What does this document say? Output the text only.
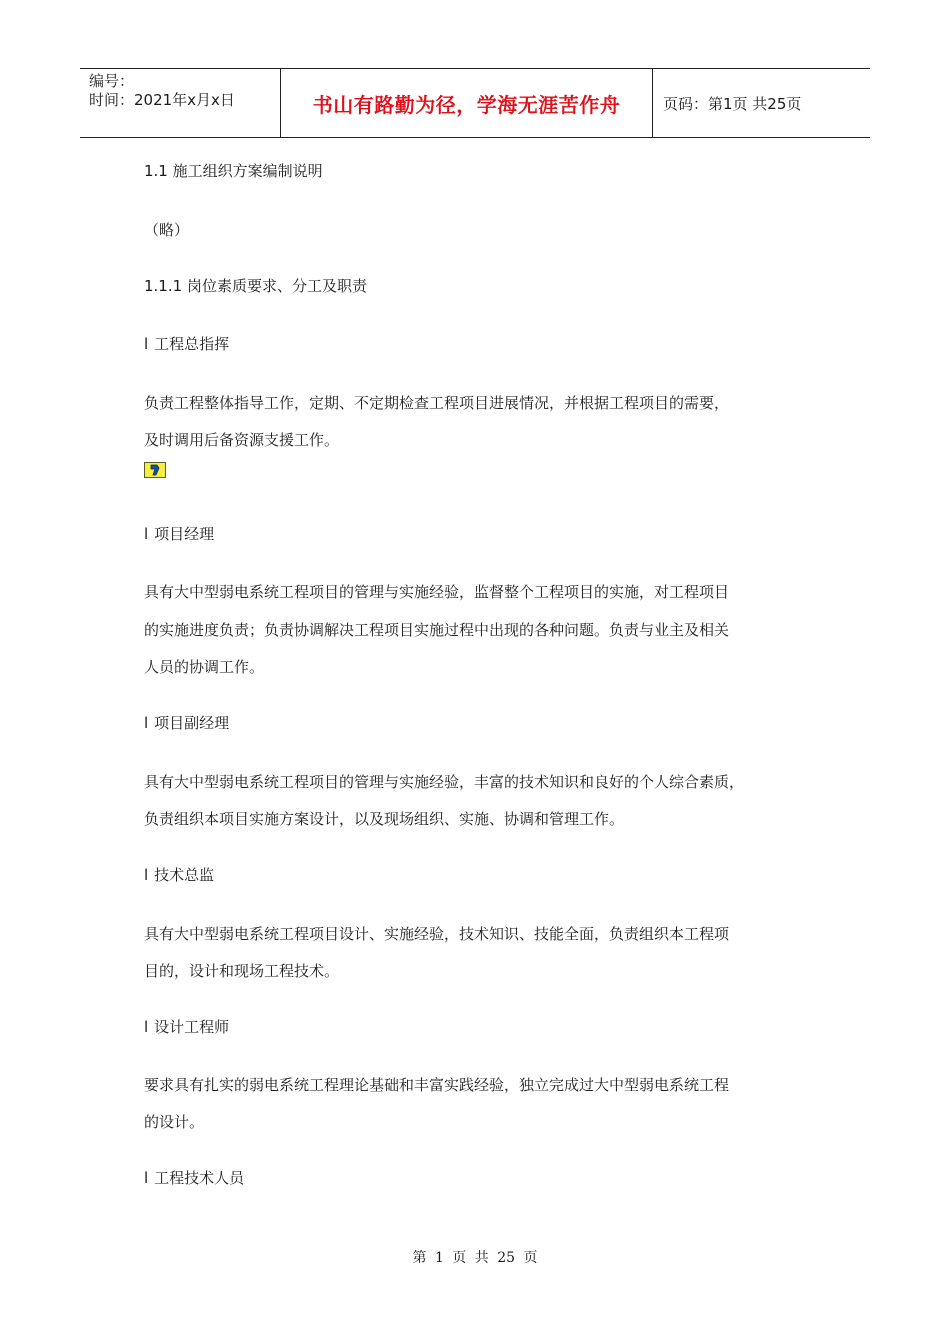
编号：
时间：2021年x月x日	书山有路勤为径，学海无涯苦作舟	页码：第1页 共25页
1.1 施工组织方案编制说明
（略）
1.1.1 岗位素质要求、分工及职责
l 工程总指挥
负责工程整体指导工作，定期、不定期检查工程项目进展情况，并根据工程项目的需要，
及时调用后备资源支援工作。
l 项目经理
具有大中型弱电系统工程项目的管理与实施经验，监督整个工程项目的实施，对工程项目
的实施进度负责；负责协调解决工程项目实施过程中出现的各种问题。负责与业主及相关
人员的协调工作。
l 项目副经理
具有大中型弱电系统工程项目的管理与实施经验，丰富的技术知识和良好的个人综合素质，
负责组织本项目实施方案设计，以及现场组织、实施、协调和管理工作。
l 技术总监
具有大中型弱电系统工程项目设计、实施经验，技术知识、技能全面，负责组织本工程项
目的，设计和现场工程技术。
l 设计工程师
要求具有扎实的弱电系统工程理论基础和丰富实践经验，独立完成过大中型弱电系统工程
的设计。
l 工程技术人员
第 1 页 共 25 页
